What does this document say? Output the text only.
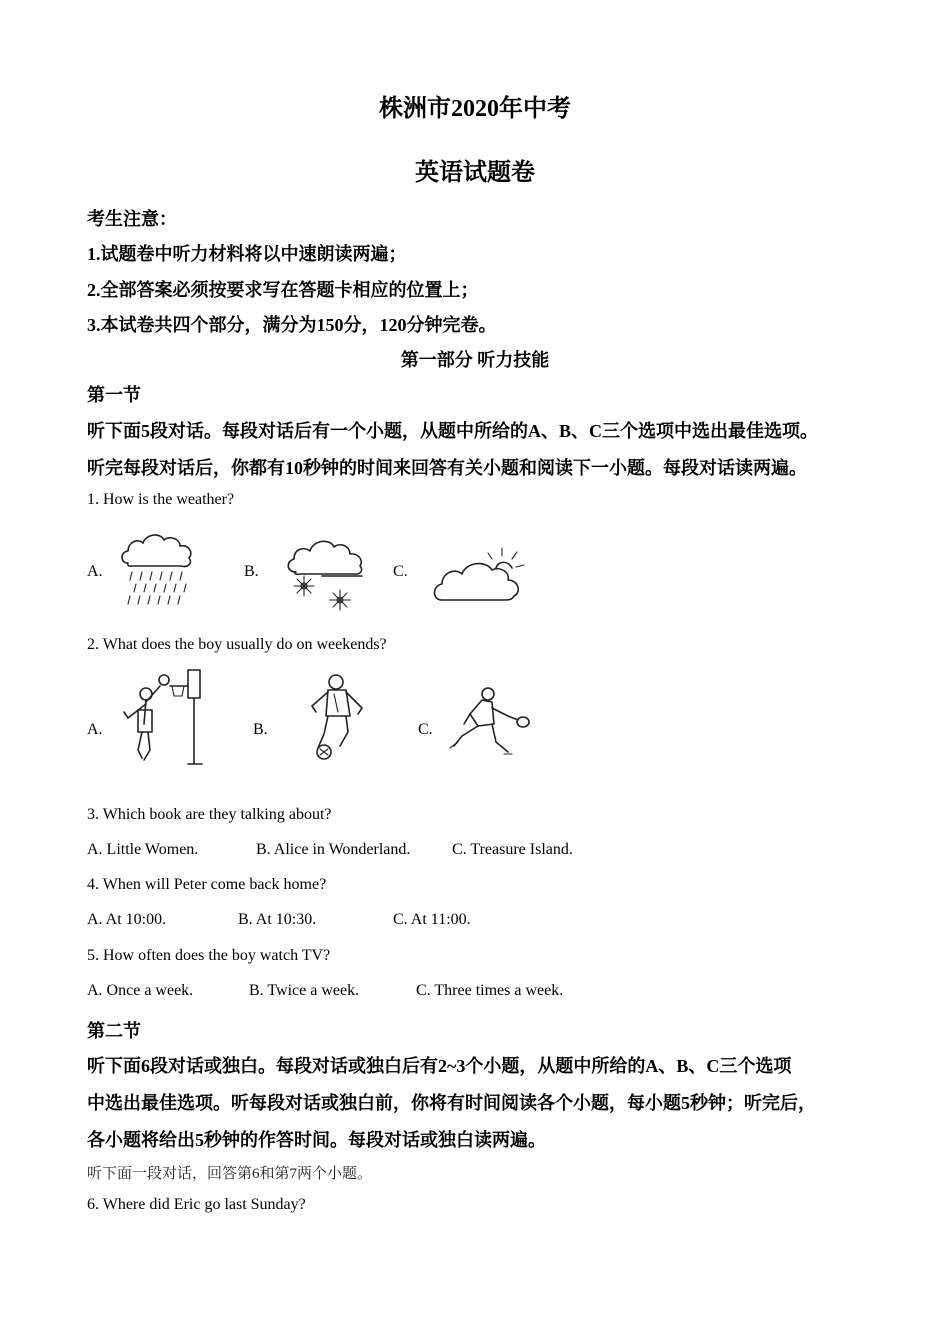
株洲市2020年中考
英语试题卷
考生注意：
1.试题卷中听力材料将以中速朗读两遍；
2.全部答案必须按要求写在答题卡相应的位置上；
3.本试卷共四个部分，满分为150分，120分钟完卷。
第一部分 听力技能
第一节
听下面5段对话。每段对话后有一个小题，从题中所给的A、B、C三个选项中选出最佳选项。
听完每段对话后，你都有10秒钟的时间来回答有关小题和阅读下一小题。每段对话读两遍。
1. How is the weather?
A.	B.	C.
2. What does the boy usually do on weekends?
A.	B.	C.
3. Which book are they talking about?
A. Little Women.	B. Alice in Wonderland.	C. Treasure Island.
4. When will Peter come back home?
A. At 10:00.	B. At 10:30.	C. At 11:00.
5. How often does the boy watch TV?
A. Once a week.	B. Twice a week.	C. Three times a week.
第二节
听下面6段对话或独白。每段对话或独白后有2~3个小题，从题中所给的A、B、C三个选项
中选出最佳选项。听每段对话或独白前，你将有时间阅读各个小题，每小题5秒钟；听完后，
各小题将给出5秒钟的作答时间。每段对话或独白读两遍。
听下面一段对话，回答第6和第7两个小题。
6. Where did Eric go last Sunday?
